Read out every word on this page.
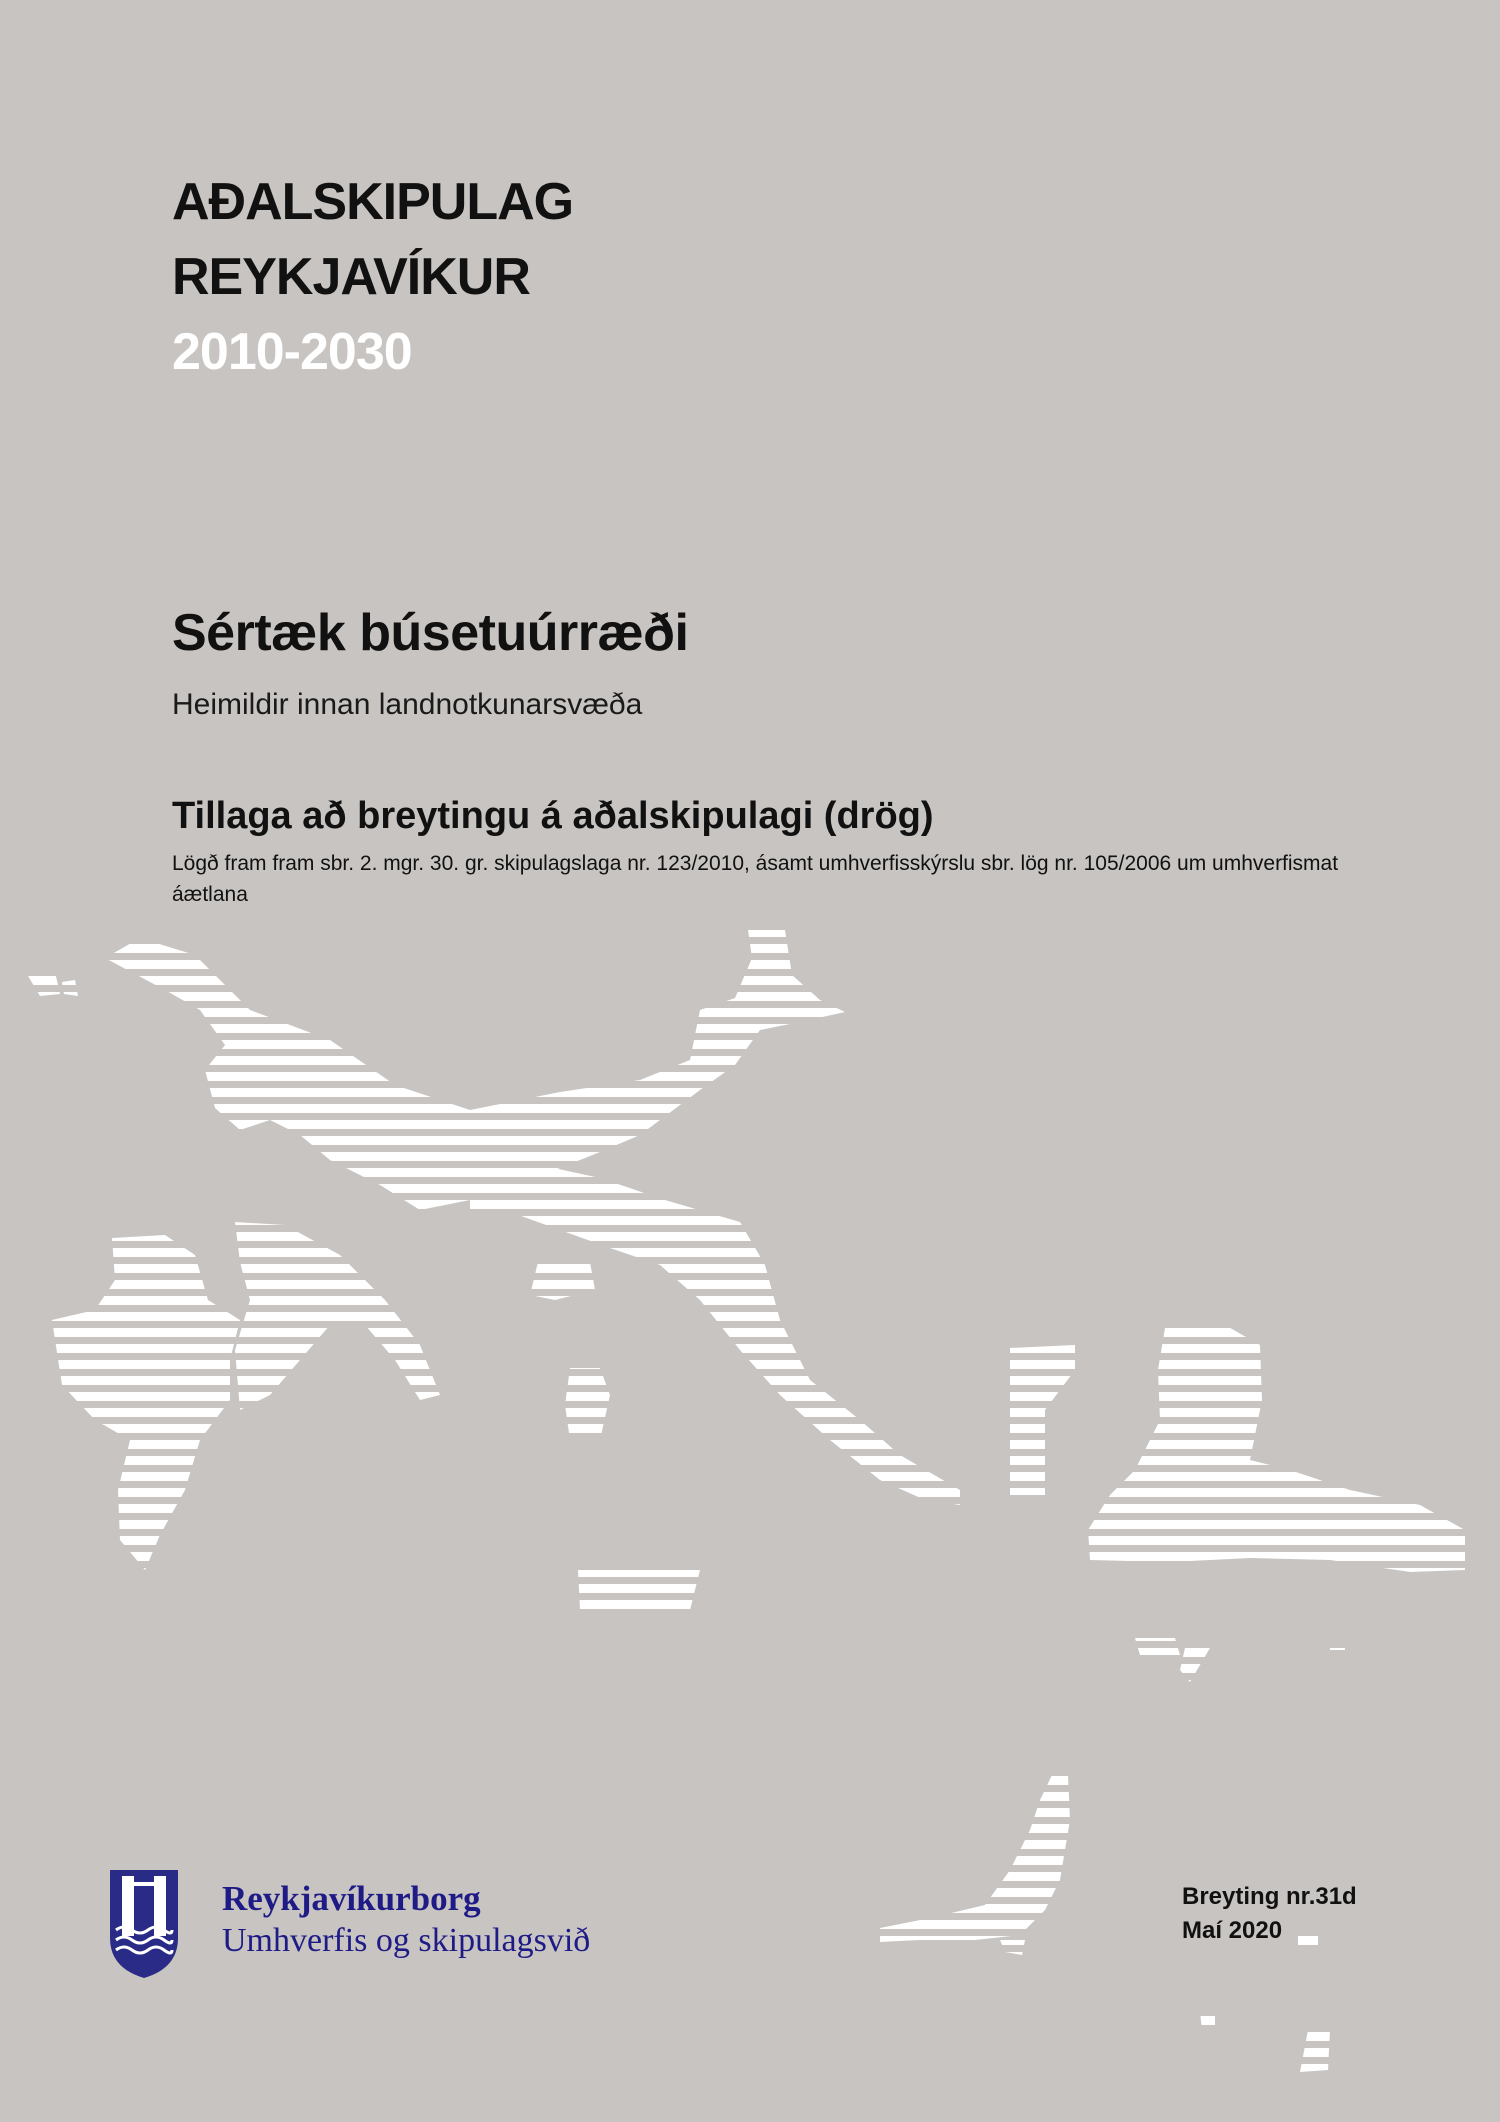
AÐALSKIPULAG
REYKJAVÍKUR
2010-2030
Sértæk búsetuúrræði
Heimildir innan landnotkunarsvæða
Tillaga að breytingu á aðalskipulagi (drög)
Lögð fram fram sbr. 2. mgr. 30. gr. skipulagslaga nr. 123/2010, ásamt umhverfisskýrslu sbr. lög nr. 105/2006 um umhverfismat áætlana
Reykjavíkurborg
Umhverfis og skipulagsvið
Breyting nr.31d
Maí 2020
